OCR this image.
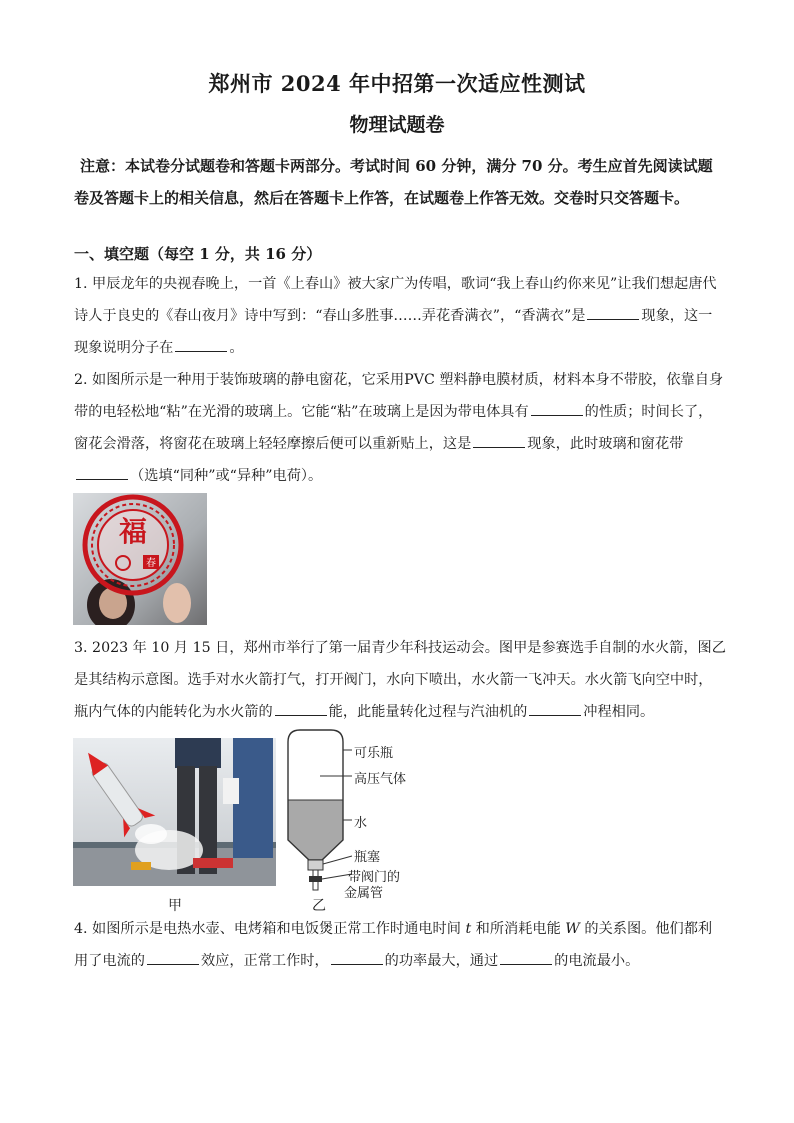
郑州市 2024 年中招第一次适应性测试
物理试题卷
注意：本试卷分试题卷和答题卡两部分。考试时间 60 分钟，满分 70 分。考生应首先阅读试题卷及答题卡上的相关信息，然后在答题卡上作答，在试题卷上作答无效。交卷时只交答题卡。
一、填空题（每空 1 分，共 16 分）
1. 甲辰龙年的央视春晚上，一首《上春山》被大家广为传唱，歌词“我上春山约你来见”让我们想起唐代诗人于良史的《春山夜月》诗中写到：“春山多胜事……弄花香满衣”，“香满衣”是	现象，这一现象说明分子在	。
2. 如图所示是一种用于装饰玻璃的静电窗花，它采用PVC 塑料静电膜材质，材料本身不带胶，依靠自身带的电轻松地“粘”在光滑的玻璃上。它能“粘”在玻璃上是因为带电体具有	的性质；时间长了，窗花会滑落，将窗花在玻璃上轻轻摩擦后便可以重新贴上，这是	现象，此时玻璃和窗花带（选填“同种”或“异种”电荷）。
福
春
3. 2023 年 10 月 15 日，郑州市举行了第一届青少年科技运动会。图甲是参赛选手自制的水火箭，图乙是其结构示意图。选手对水火箭打气，打开阀门，水向下喷出，水火箭一飞冲天。水火箭飞向空中时，瓶内气体的内能转化为水火箭的	能，此能量转化过程与汽油机的	冲程相同。
甲
可乐瓶
高压气体
水
瓶塞
带阀门的
金属管
乙
4. 如图所示是电热水壶、电烤箱和电饭煲正常工作时通电时间 t 和所消耗电能 W 的关系图。他们都利用了电流的	效应，正常工作时，	的功率最大，通过	的电流最小。
